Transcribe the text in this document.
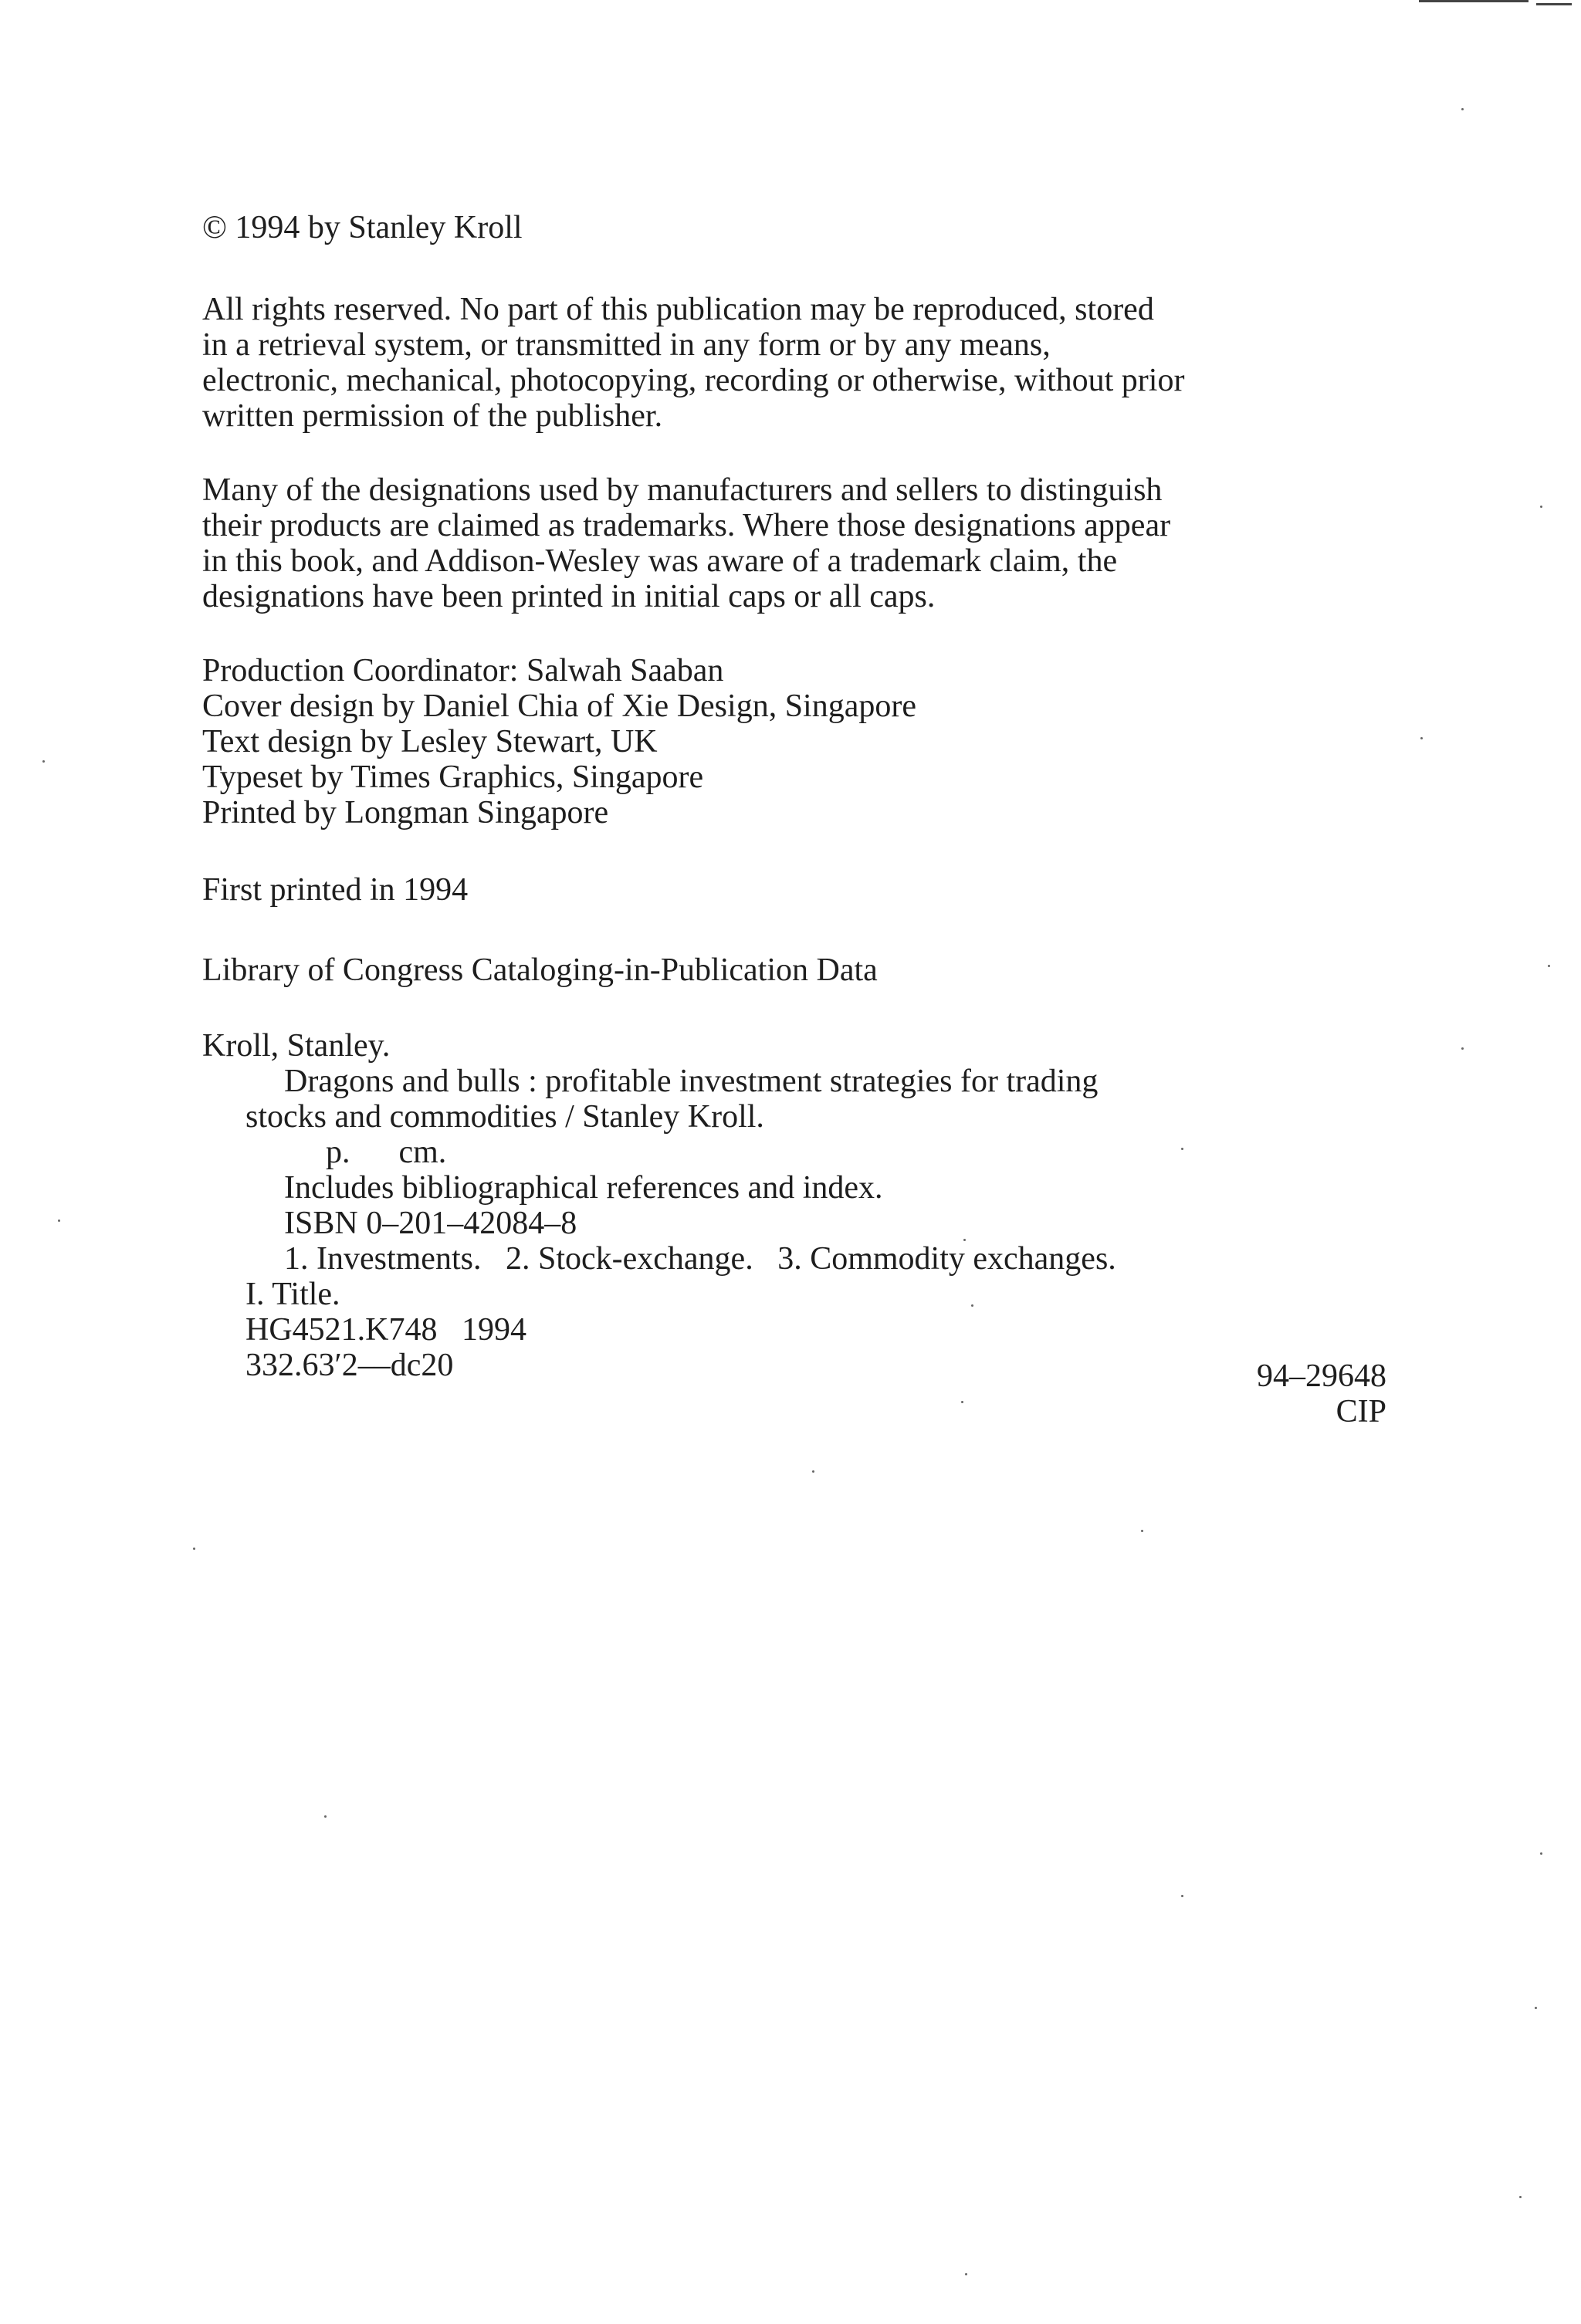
© 1994 by Stanley Kroll
All rights reserved. No part of this publication may be reproduced, stored
in a retrieval system, or transmitted in any form or by any means,
electronic, mechanical, photocopying, recording or otherwise, without prior
written permission of the publisher.
Many of the designations used by manufacturers and sellers to distinguish
their products are claimed as trademarks. Where those designations appear
in this book, and Addison-Wesley was aware of a trademark claim, the
designations have been printed in initial caps or all caps.
Production Coordinator: Salwah Saaban
Cover design by Daniel Chia of Xie Design, Singapore
Text design by Lesley Stewart, UK
Typeset by Times Graphics, Singapore
Printed by Longman Singapore
First printed in 1994
Library of Congress Cataloging-in-Publication Data
Kroll, Stanley.
Dragons and bulls : profitable investment strategies for trading
stocks and commodities / Stanley Kroll.
p.      cm.
Includes bibliographical references and index.
ISBN 0–201–42084–8
1. Investments.   2. Stock-exchange.   3. Commodity exchanges.
I. Title.
HG4521.K748   1994
332.63′2––dc20	94–29648
CIP
